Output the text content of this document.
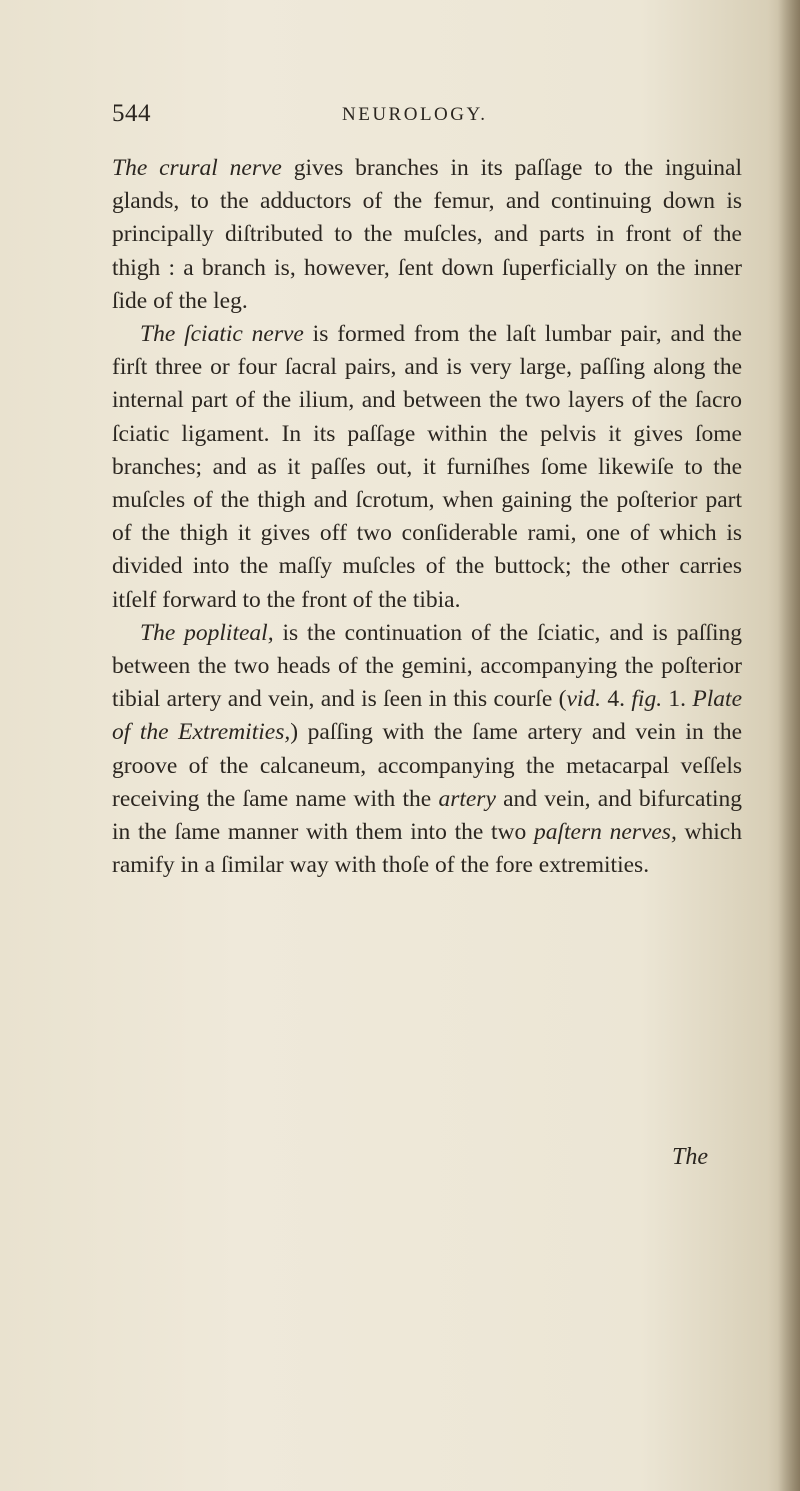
544	NEUROLOGY.

The crural nerve gives branches in its paſſage to the inguinal glands, to the adductors of the femur, and continuing down is principally diſtributed to the muſcles, and parts in front of the thigh : a branch is, however, ſent down ſuperficially on the inner ſide of the leg.

The ſciatic nerve is formed from the laſt lumbar pair, and the firſt three or four ſacral pairs, and is very large, paſſing along the internal part of the ilium, and between the two layers of the ſacro ſciatic ligament. In its paſſage within the pelvis it gives ſome branches; and as it paſſes out, it furniſhes ſome likewiſe to the muſcles of the thigh and ſcrotum, when gaining the poſterior part of the thigh it gives off two conſiderable rami, one of which is divided into the maſſy muſcles of the buttock; the other carries itſelf forward to the front of the tibia.

The popliteal, is the continuation of the ſciatic, and is paſſing between the two heads of the gemini, accompanying the poſterior tibial artery and vein, and is ſeen in this courſe (vid. 4. fig. 1. Plate of the Extremities,) paſſing with the ſame artery and vein in the groove of the calcaneum, accompanying the metacarpal veſſels receiving the ſame name with the artery and vein, and bifurcating in the ſame manner with them into the two paſtern nerves, which ramify in a ſimilar way with thoſe of the fore extremities.

The
